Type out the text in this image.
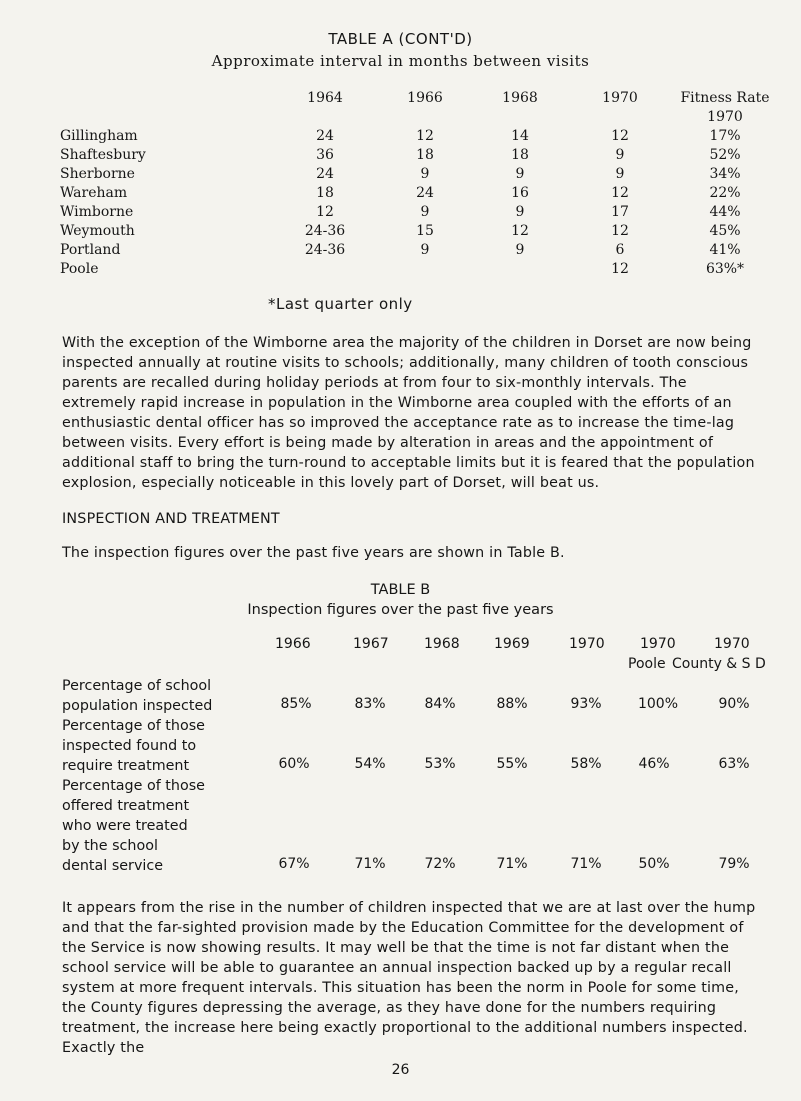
TABLE A (CONT'D)
Approximate interval in months between visits
	1964	1966	1968	1970	Fitness Rate
					1970
Gillingham	24	12	14	12	17%
Shaftesbury	36	18	18	9	52%
Sherborne	24	9	9	9	34%
Wareham	18	24	16	12	22%
Wimborne	12	9	9	17	44%
Weymouth	24-36	15	12	12	45%
Portland	24-36	9	9	6	41%
Poole				12	63%*
*Last quarter only
With the exception of the Wimborne area the majority of the children in Dorset are now being inspected annually at routine visits to schools; additionally, many children of tooth conscious parents are recalled during holiday periods at from four to six-monthly intervals. The extremely rapid increase in population in the Wimborne area coupled with the efforts of an enthusiastic dental officer has so improved the acceptance rate as to increase the time-lag between visits. Every effort is being made by alteration in areas and the appointment of additional staff to bring the turn-round to acceptable limits but it is feared that the population explosion, especially noticeable in this lovely part of Dorset, will beat us.
INSPECTION AND TREATMENT
The inspection figures over the past five years are shown in Table B.
TABLE B
Inspection figures over the past five years
1966	1967	1968 1969	1970	1970	1970
Poole County & S D
Percentage of school
population inspected	85%	83%	84%	88%	93%	100%	90%
Percentage of those
inspected found to
require treatment	60%	54%	53%	55%	58%	46%	63%
Percentage of those
offered treatment
who were treated
by the school
dental service	67%	71%	72%	71%	71%	50%	79%
It appears from the rise in the number of children inspected that we are at last over the hump and that the far-sighted provision made by the Education Committee for the development of the Service is now showing results. It may well be that the time is not far distant when the school service will be able to guarantee an annual inspection backed up by a regular recall system at more frequent intervals. This situation has been the norm in Poole for some time, the County figures depressing the average, as they have done for the numbers requiring treatment, the increase here being exactly proportional to the additional numbers inspected. Exactly the
26
